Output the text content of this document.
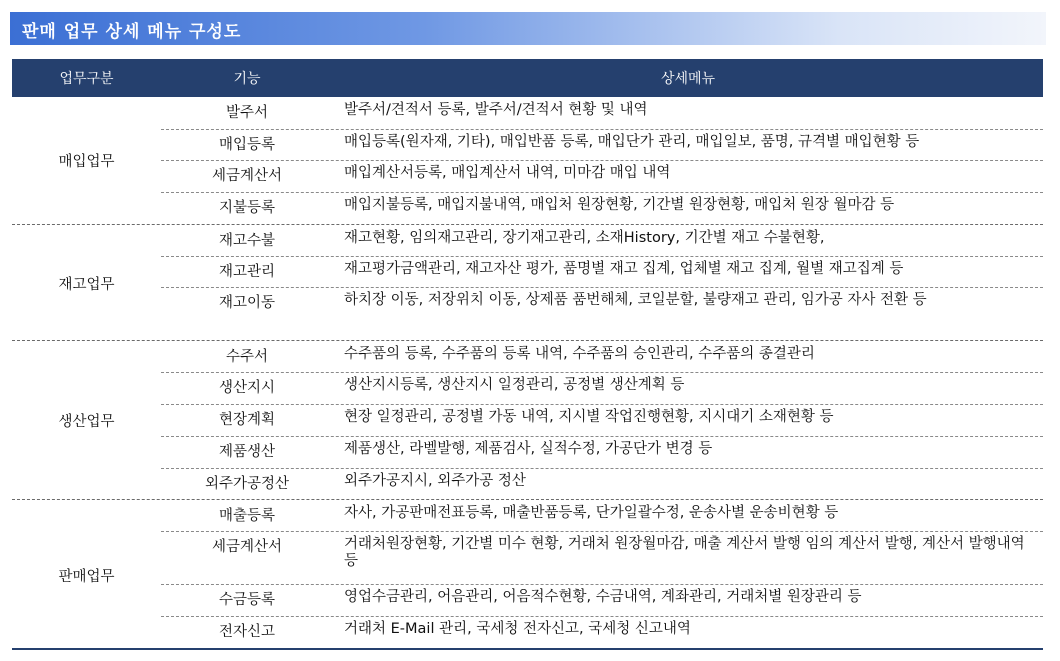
판매 업무 상세 메뉴 구성도
업무구분	기능	상세메뉴
매입업무
발주서	발주서/견적서 등록, 발주서/견적서 현황 및 내역
매입등록	매입등록(원자재, 기타), 매입반품 등록, 매입단가 관리, 매입일보, 품명, 규격별 매입현황 등
세금계산서	매입계산서등록, 매입계산서 내역, 미마감 매입 내역
지불등록	매입지불등록, 매입지불내역, 매입처 원장현황, 기간별 원장현황, 매입처 원장 월마감 등
재고업무
재고수불	재고현황, 임의재고관리, 장기재고관리, 소재History, 기간별 재고 수불현황,
재고관리	재고평가금액관리, 재고자산 평가, 품명별 재고 집계, 업체별 재고 집계, 월별 재고집계 등
재고이동	하치장 이동, 저장위치 이동, 상제품 품번해체, 코일분할, 불량재고 관리, 임가공 자사 전환 등
생산업무
수주서	수주품의 등록, 수주품의 등록 내역, 수주품의 승인관리, 수주품의 종결관리
생산지시	생산지시등록, 생산지시 일정관리, 공정별 생산계획 등
현장계획	현장 일정관리, 공정별 가동 내역, 지시별 작업진행현황, 지시대기 소재현황 등
제품생산	제품생산, 라벨발행, 제품검사, 실적수정, 가공단가 변경 등
외주가공정산	외주가공지시, 외주가공 정산
판매업무
매출등록	자사, 가공판매전표등록, 매출반품등록, 단가일괄수정, 운송사별 운송비현황 등
세금계산서	거래처원장현황, 기간별 미수 현황, 거래처 원장월마감, 매출 계산서 발행 임의 계산서 발행, 계산서 발행내역 등
수금등록	영업수금관리, 어음관리, 어음적수현황, 수금내역, 계좌관리, 거래처별 원장관리 등
전자신고	거래처 E-Mail 관리, 국세청 전자신고, 국세청 신고내역
